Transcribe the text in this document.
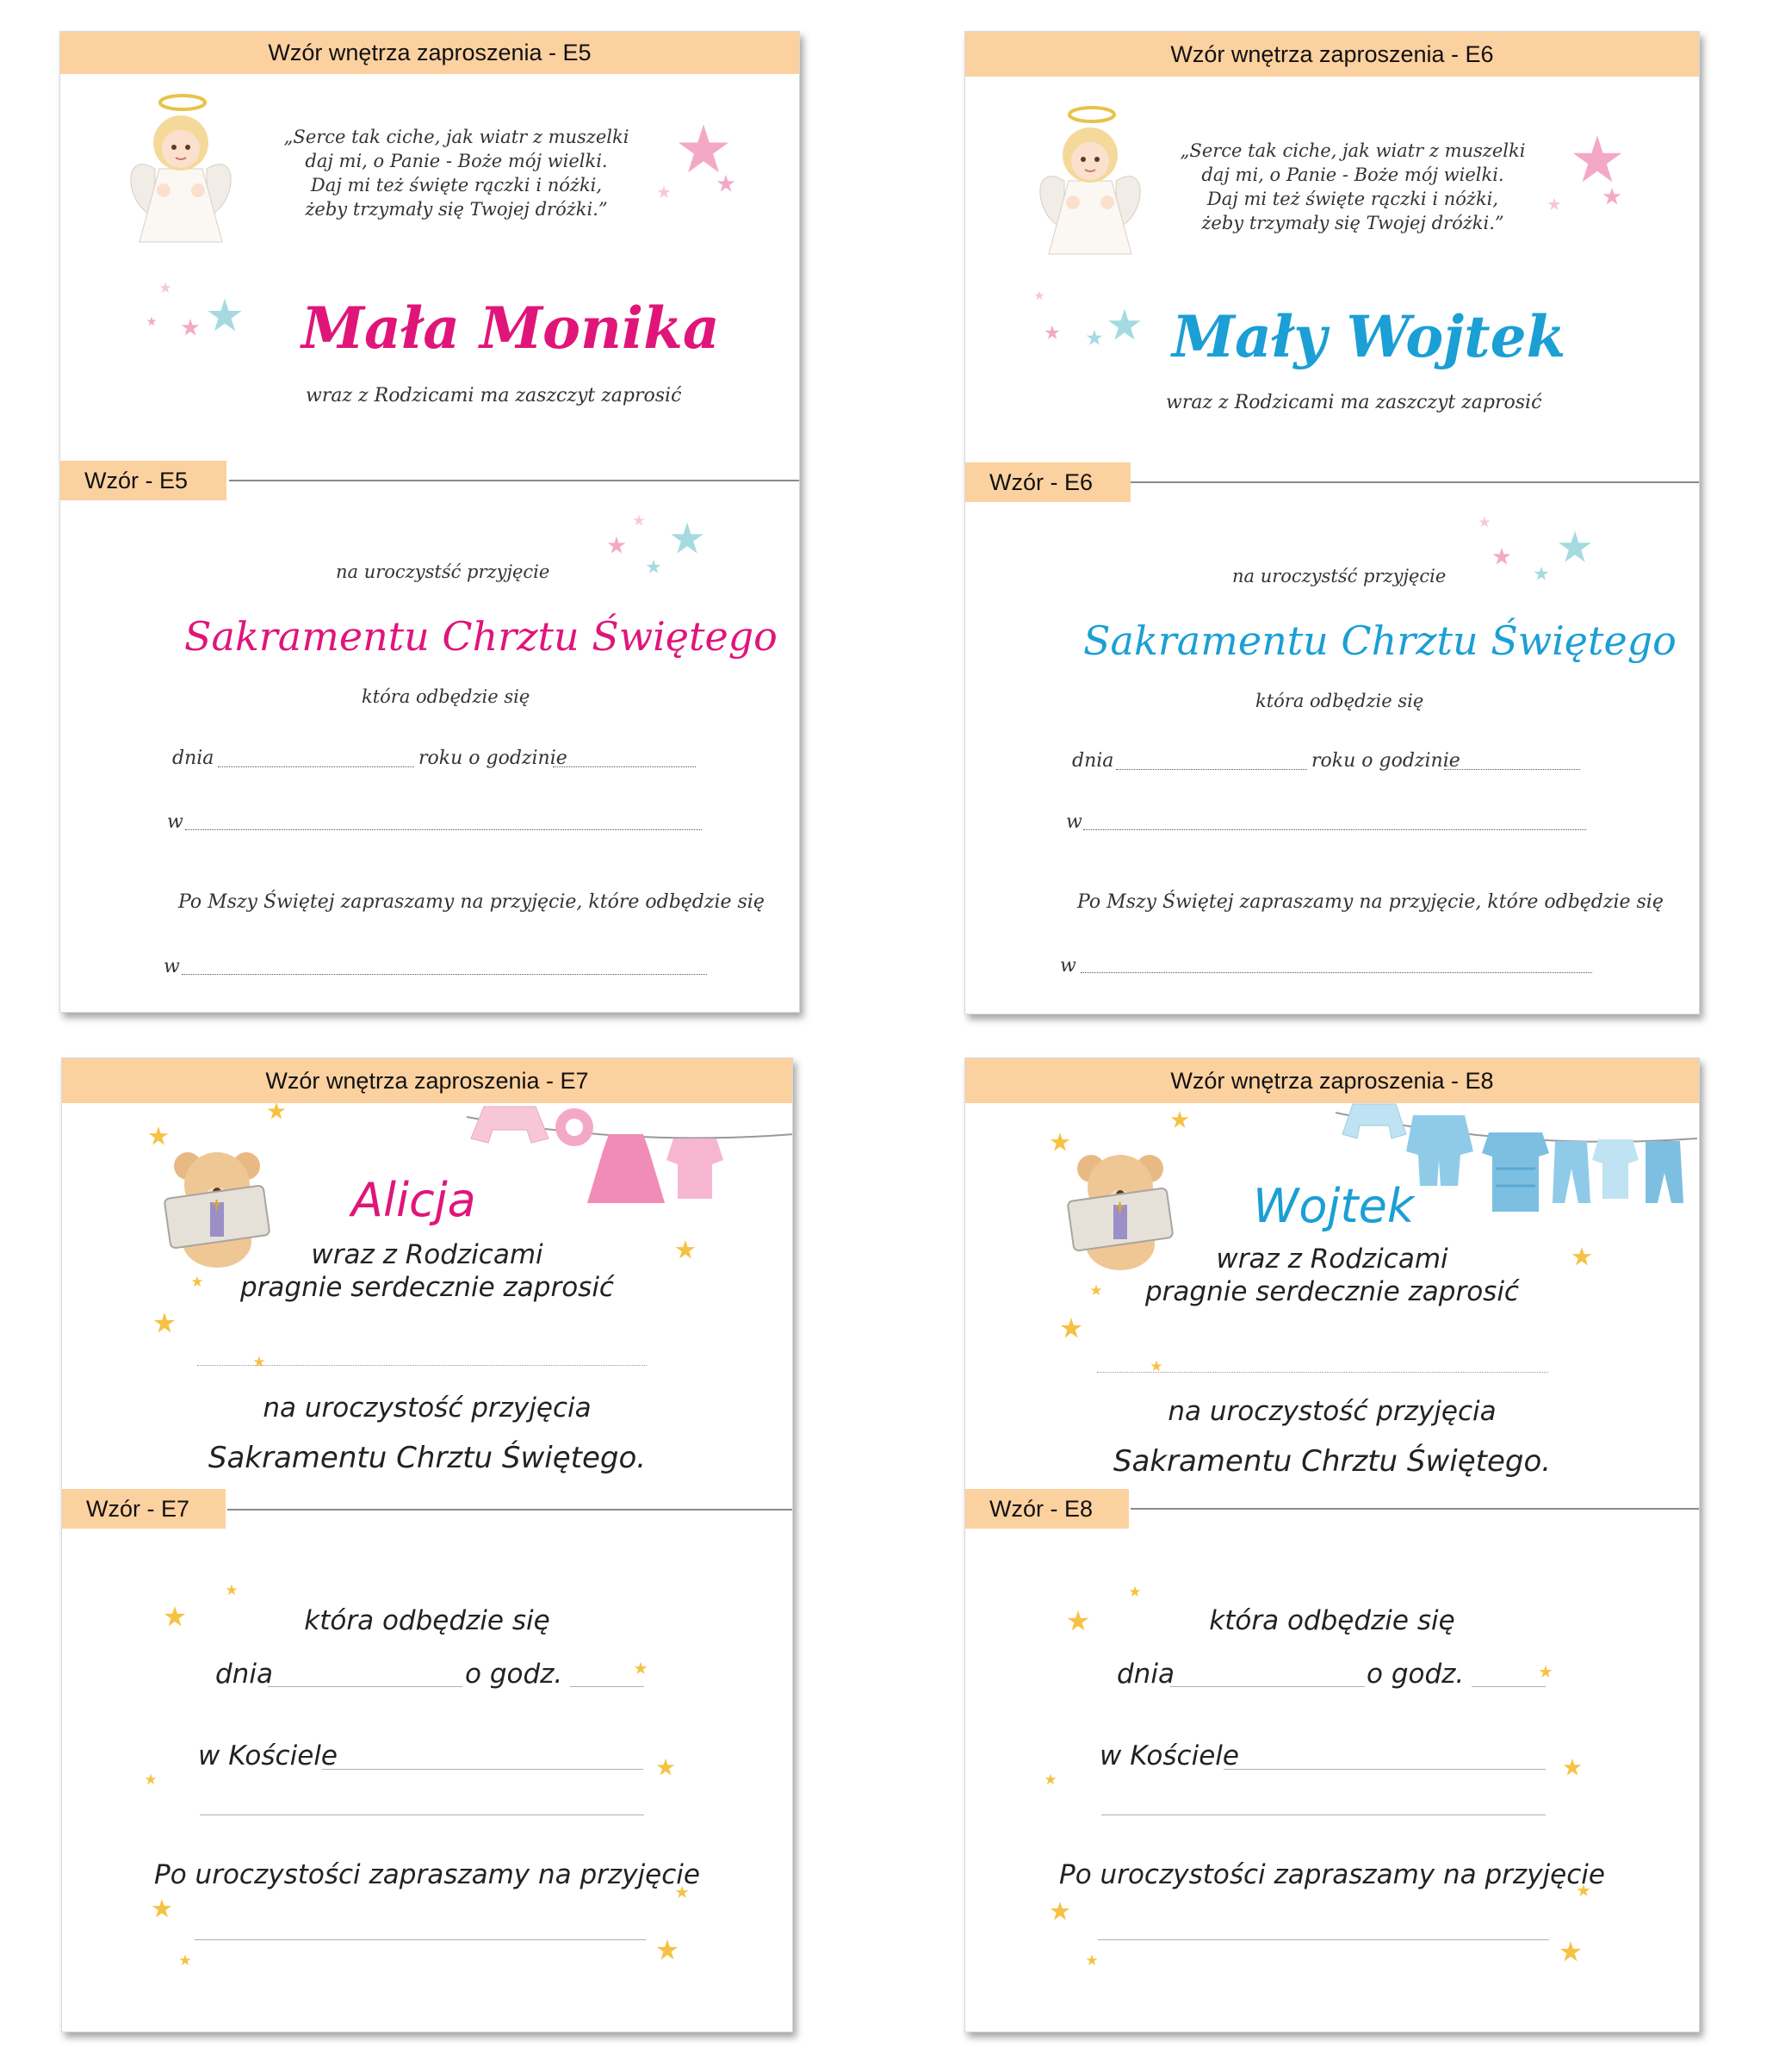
Wzór wnętrza zaproszenia - E5
„Serce tak ciche, jak wiatr z muszelki
daj mi, o Panie - Boże mój wielki.
Daj mi też święte rączki i nóżki,
żeby trzymały się Twojej dróżki.”
Mała Monika
wraz z Rodzicami ma zaszczyt zaprosić
Wzór - E5
na uroczystść przyjęcie
Sakramentu Chrztu Świętego
która odbędzie się
dnia	roku o godzinie
w
Po Mszy Świętej zapraszamy na przyjęcie, które odbędzie się
w
Wzór wnętrza zaproszenia - E6
„Serce tak ciche, jak wiatr z muszelki
daj mi, o Panie - Boże mój wielki.
Daj mi też święte rączki i nóżki,
żeby trzymały się Twojej dróżki.”
Mały Wojtek
wraz z Rodzicami ma zaszczyt zaprosić
Wzór - E6
na uroczystść przyjęcie
Sakramentu Chrztu Świętego
która odbędzie się
dnia	roku o godzinie
w
Po Mszy Świętej zapraszamy na przyjęcie, które odbędzie się
w
Wzór wnętrza zaproszenia - E7
Alicja
wraz z Rodzicami
pragnie serdecznie zaprosić
na uroczystość przyjęcia
Sakramentu Chrztu Świętego.
Wzór - E7
która odbędzie się
dnia	o godz.
w Kościele
Po uroczystości zapraszamy na przyjęcie
Wzór wnętrza zaproszenia - E8
Wojtek
wraz z Rodzicami
pragnie serdecznie zaprosić
na uroczystość przyjęcia
Sakramentu Chrztu Świętego.
Wzór - E8
która odbędzie się
dnia	o godz.
w Kościele
Po uroczystości zapraszamy na przyjęcie
